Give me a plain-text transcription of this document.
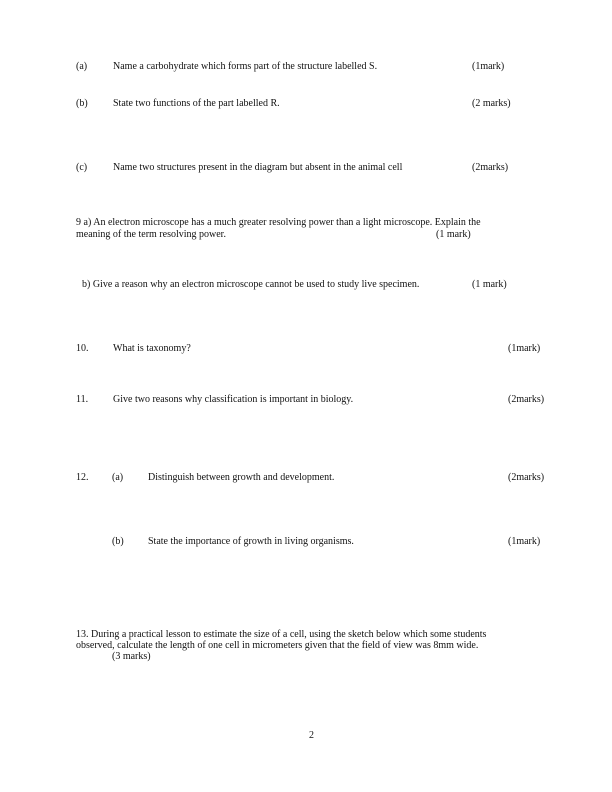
(a)	Name a carbohydrate which forms part of the structure labelled S.	(1mark)
(b)	State two functions of the part labelled R.	(2 marks)
(c)	Name two structures present in the diagram but absent in the animal cell	(2marks)
9 a) An electron microscope has a much greater resolving power than a light microscope. Explain the
meaning of the term resolving power.	(1 mark)
b) Give a reason why an electron microscope cannot be used to study live specimen.	(1 mark)
10. What is taxonomy?	(1mark)
11. Give two reasons why classification is important in biology.	(2marks)
12. (a) Distinguish between growth and development.	(2marks)
(b) State the importance of growth in living organisms.	(1mark)
13. During a practical lesson to estimate the size of a cell, using the sketch below which some students
observed, calculate the length of one cell in micrometers given that the field of view was 8mm wide.
(3 marks)
2
